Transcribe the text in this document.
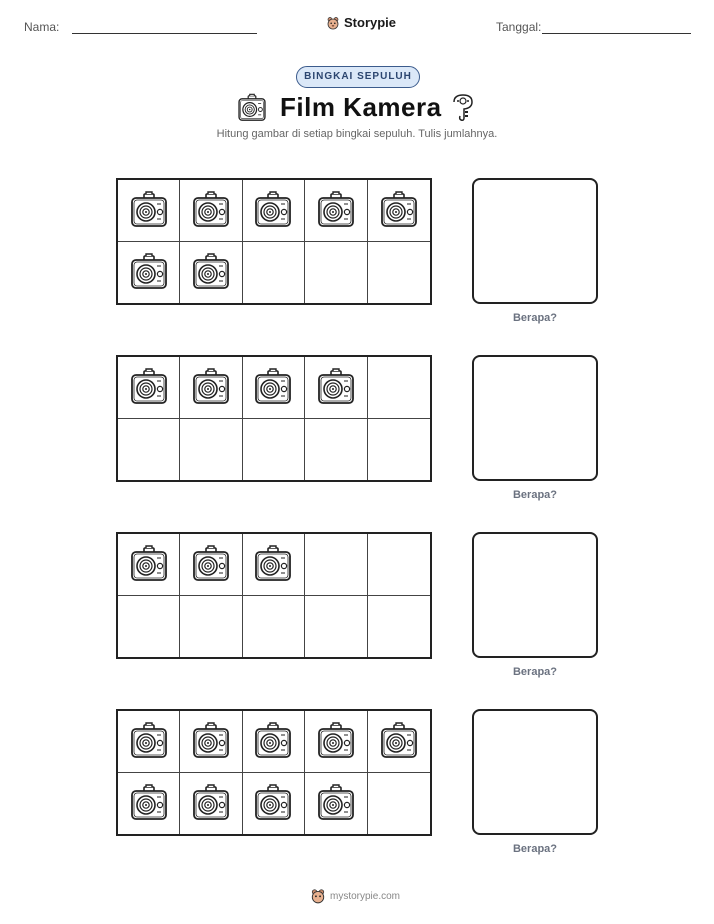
Nama:	Storypie	Tanggal:
BINGKAI SEPULUH
Film Kamera
Hitung gambar di setiap bingkai sepuluh. Tulis jumlahnya.
Berapa?
Berapa?
Berapa?
Berapa?
mystorypie.com
